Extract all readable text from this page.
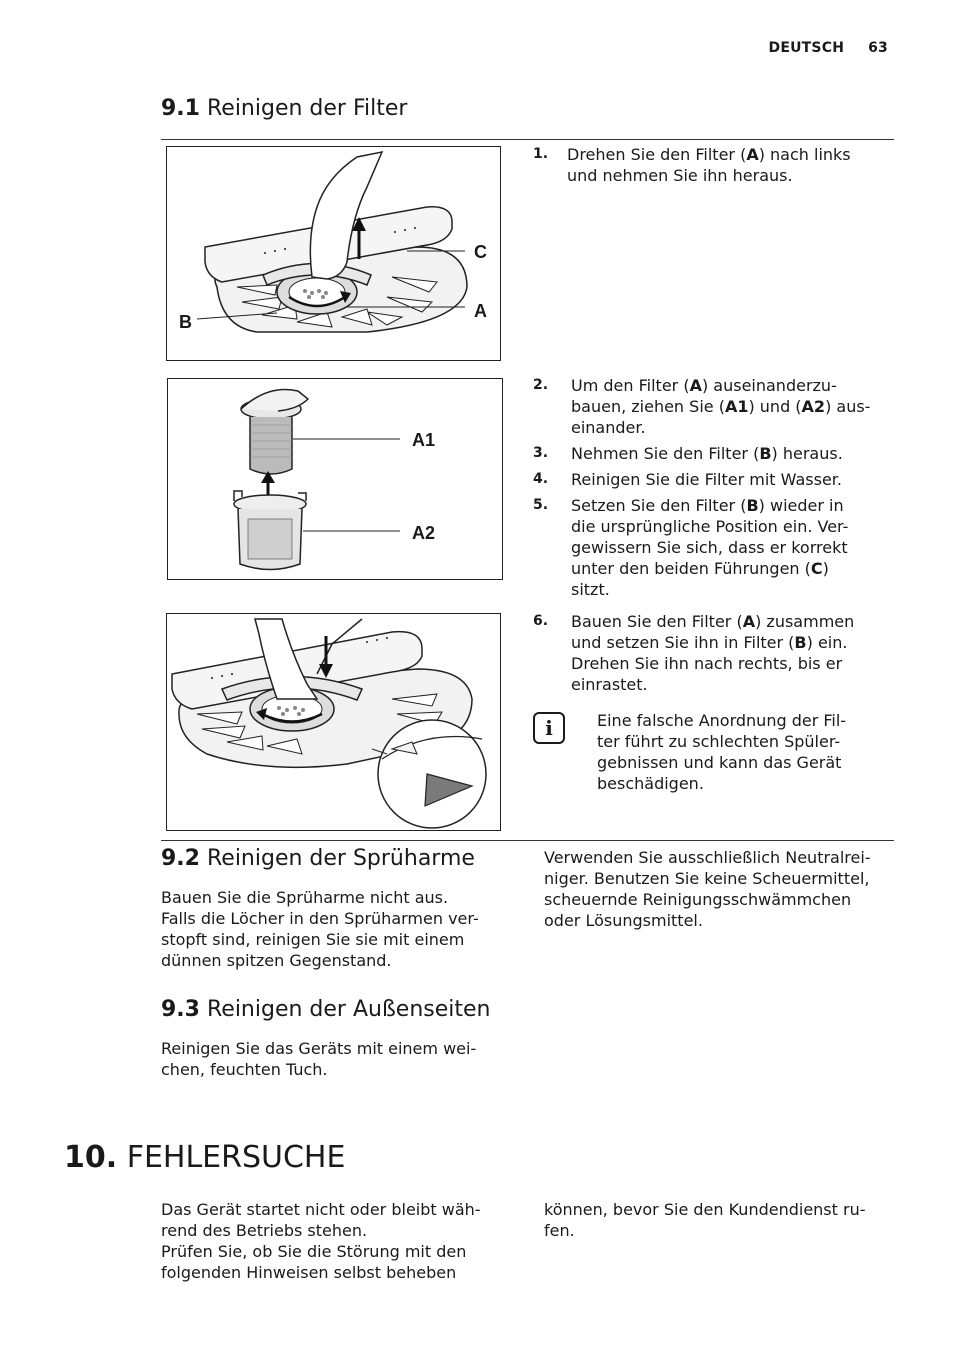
DEUTSCH 63
9.1 Reinigen der Filter
C
A
B
1. Drehen Sie den Filter (A) nach links
und nehmen Sie ihn heraus.
A1
A2
2. Um den Filter (A) auseinanderzu-
bauen, ziehen Sie (A1) und (A2) aus-
einander.
3. Nehmen Sie den Filter (B) heraus.
4. Reinigen Sie die Filter mit Wasser.
5. Setzen Sie den Filter (B) wieder in
die ursprüngliche Position ein. Ver-
gewissern Sie sich, dass er korrekt
unter den beiden Führungen (C)
sitzt.
6. Bauen Sie den Filter (A) zusammen
und setzen Sie ihn in Filter (B) ein.
Drehen Sie ihn nach rechts, bis er
einrastet.
i	Eine falsche Anordnung der Fil-
ter führt zu schlechten Spüler-
gebnissen und kann das Gerät
beschädigen.
9.2 Reinigen der Sprüharme
Bauen Sie die Sprüharme nicht aus.
Falls die Löcher in den Sprüharmen ver-
stopft sind, reinigen Sie sie mit einem
dünnen spitzen Gegenstand.
Verwenden Sie ausschließlich Neutralrei-
niger. Benutzen Sie keine Scheuermittel,
scheuernde Reinigungsschwämmchen
oder Lösungsmittel.
9.3 Reinigen der Außenseiten
Reinigen Sie das Geräts mit einem wei-
chen, feuchten Tuch.
10. FEHLERSUCHE
Das Gerät startet nicht oder bleibt wäh-
rend des Betriebs stehen.
Prüfen Sie, ob Sie die Störung mit den
folgenden Hinweisen selbst beheben
können, bevor Sie den Kundendienst ru-
fen.
